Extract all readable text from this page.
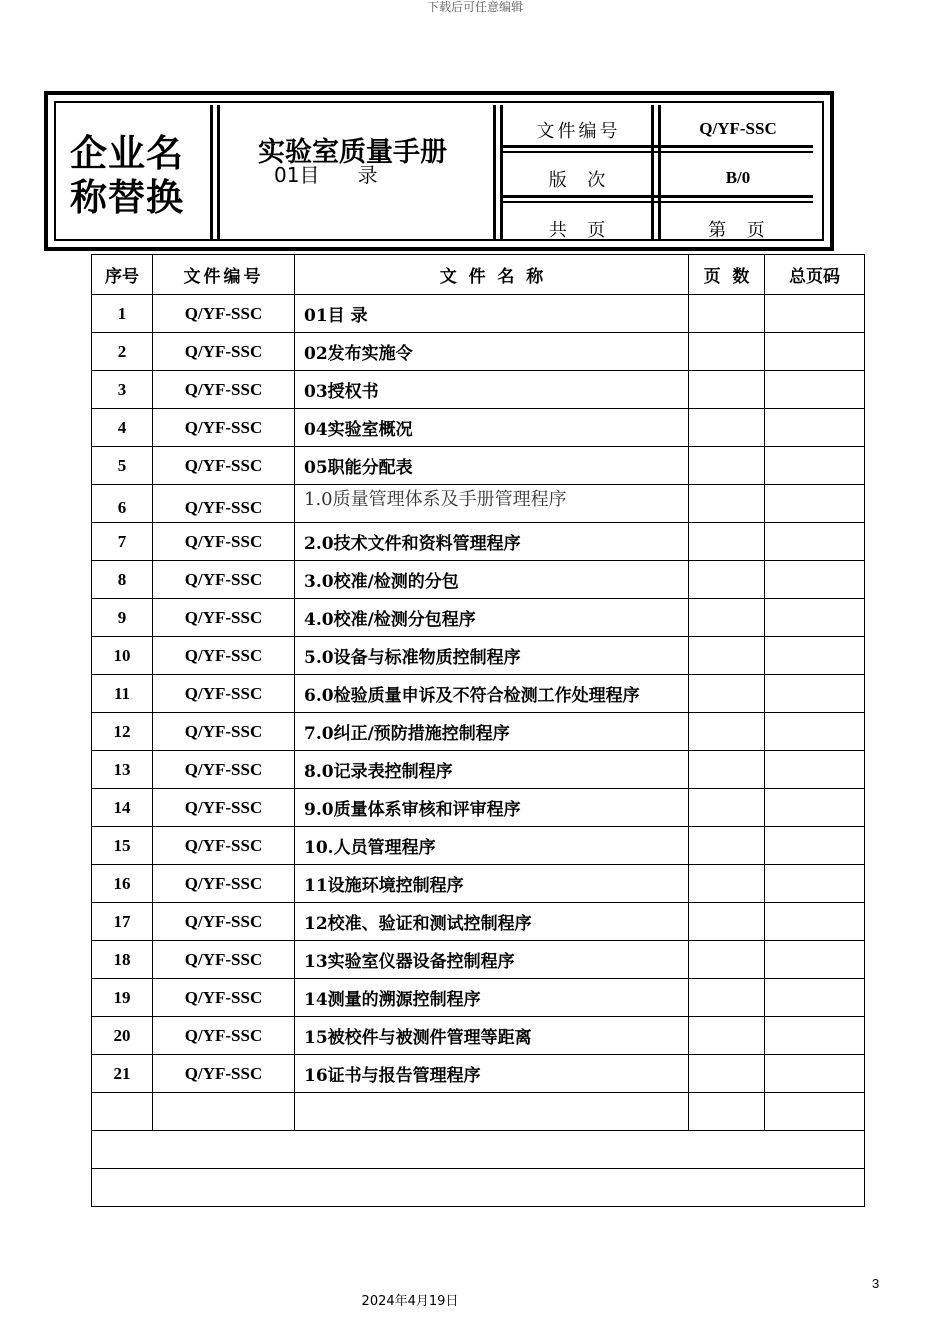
下载后可任意编辑
企业名称替换
实验室质量手册
01目      录
文件编号	Q/YF-SSC
版  次	B/0
共  页	第  页
序号	文件编号	文  件  名  称	页  数	总页码
1	Q/YF-SSC	01目 录		
2	Q/YF-SSC	02发布实施令		
3	Q/YF-SSC	03授权书		
4	Q/YF-SSC	04实验室概况		
5	Q/YF-SSC	05职能分配表		
6	Q/YF-SSC	1.0质量管理体系及手册管理程序		
7	Q/YF-SSC	2.0技术文件和资料管理程序		
8	Q/YF-SSC	3.0校准/检测的分包		
9	Q/YF-SSC	4.0校准/检测分包程序		
10	Q/YF-SSC	5.0设备与标准物质控制程序		
11	Q/YF-SSC	6.0检验质量申诉及不符合检测工作处理程序		
12	Q/YF-SSC	7.0纠正/预防措施控制程序		
13	Q/YF-SSC	8.0记录表控制程序		
14	Q/YF-SSC	9.0质量体系审核和评审程序		
15	Q/YF-SSC	10.人员管理程序		
16	Q/YF-SSC	11设施环境控制程序		
17	Q/YF-SSC	12校准、验证和测试控制程序		
18	Q/YF-SSC	13实验室仪器设备控制程序		
19	Q/YF-SSC	14测量的溯源控制程序		
20	Q/YF-SSC	15被校件与被测件管理等距离		
21	Q/YF-SSC	16证书与报告管理程序		

3
2024年4月19日
